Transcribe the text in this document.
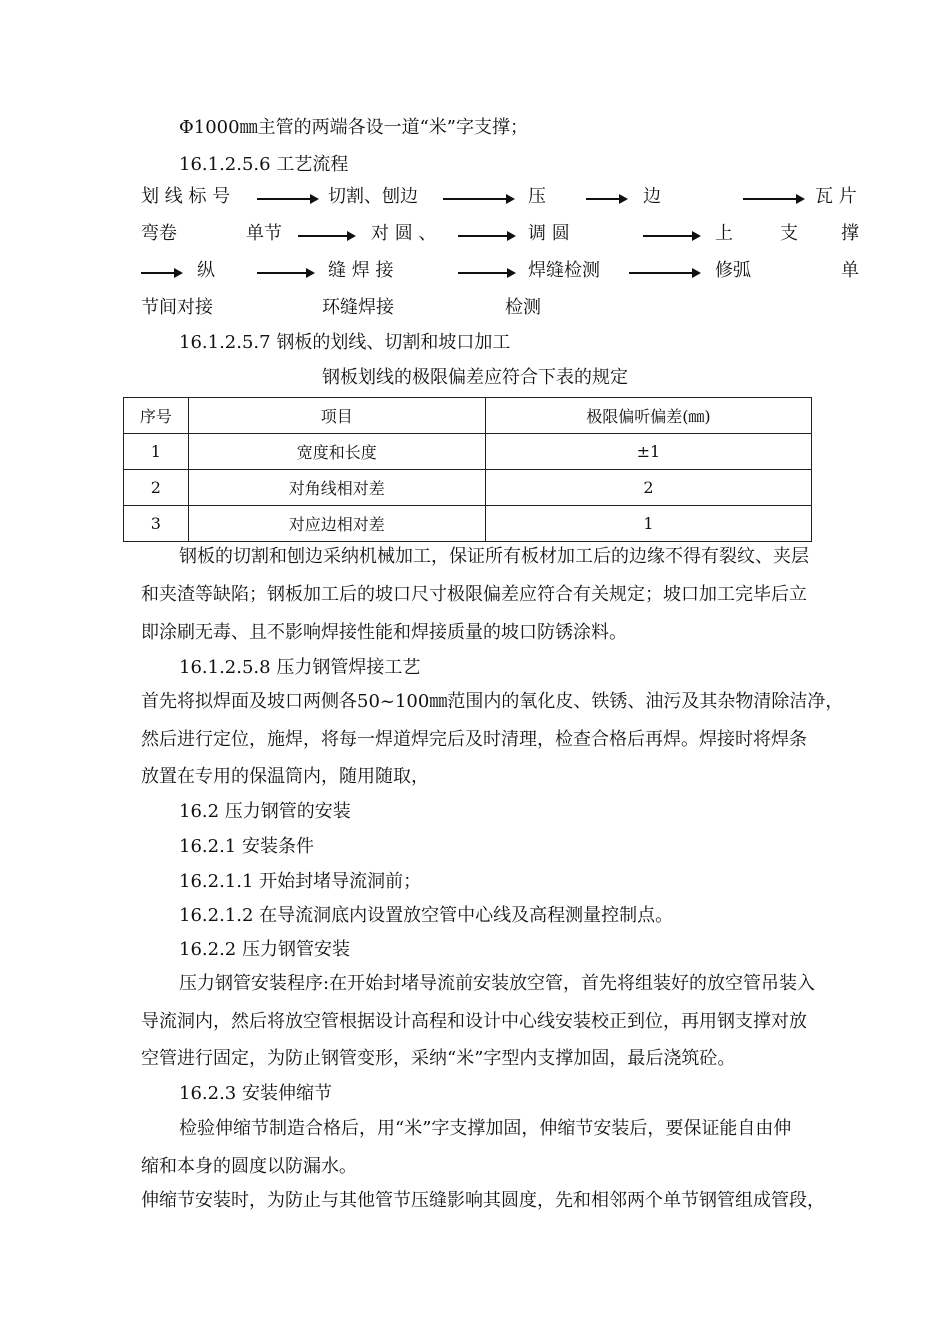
Φ1000㎜主管的两端各设一道“米”字支撑；
16.1.2.5.6 工艺流程
划 线 标 号	切割、刨边	压	边	瓦 片
弯卷	单节	对 圆 、	调 圆	上	支 撑
纵	缝 焊 接	焊缝检测	修弧	单
节间对接	环缝焊接	检测
16.1.2.5.7 钢板的划线、切割和坡口加工
钢板划线的极限偏差应符合下表的规定
序号	项目	极限偏听偏差(㎜)
1	宽度和长度	±1
2	对角线相对差	2
3	对应边相对差	1
钢板的切割和刨边采纳机械加工，保证所有板材加工后的边缘不得有裂纹、夹层
和夹渣等缺陷；钢板加工后的坡口尺寸极限偏差应符合有关规定；坡口加工完毕后立
即涂刷无毒、且不影响焊接性能和焊接质量的坡口防锈涂料。
16.1.2.5.8 压力钢管焊接工艺
首先将拟焊面及坡口两侧各50~100㎜范围内的氧化皮、铁锈、油污及其杂物清除洁净，
然后进行定位，施焊，将每一焊道焊完后及时清理，检查合格后再焊。焊接时将焊条
放置在专用的保温筒内，随用随取，
16.2 压力钢管的安装
16.2.1 安装条件
16.2.1.1 开始封堵导流洞前；
16.2.1.2 在导流洞底内设置放空管中心线及高程测量控制点。
16.2.2 压力钢管安装
压力钢管安装程序:在开始封堵导流前安装放空管，首先将组装好的放空管吊装入
导流洞内，然后将放空管根据设计高程和设计中心线安装校正到位，再用钢支撑对放
空管进行固定，为防止钢管变形，采纳“米”字型内支撑加固，最后浇筑砼。
16.2.3 安装伸缩节
检验伸缩节制造合格后，用“米”字支撑加固，伸缩节安装后，要保证能自由伸
缩和本身的圆度以防漏水。
伸缩节安装时，为防止与其他管节压缝影响其圆度，先和相邻两个单节钢管组成管段，
